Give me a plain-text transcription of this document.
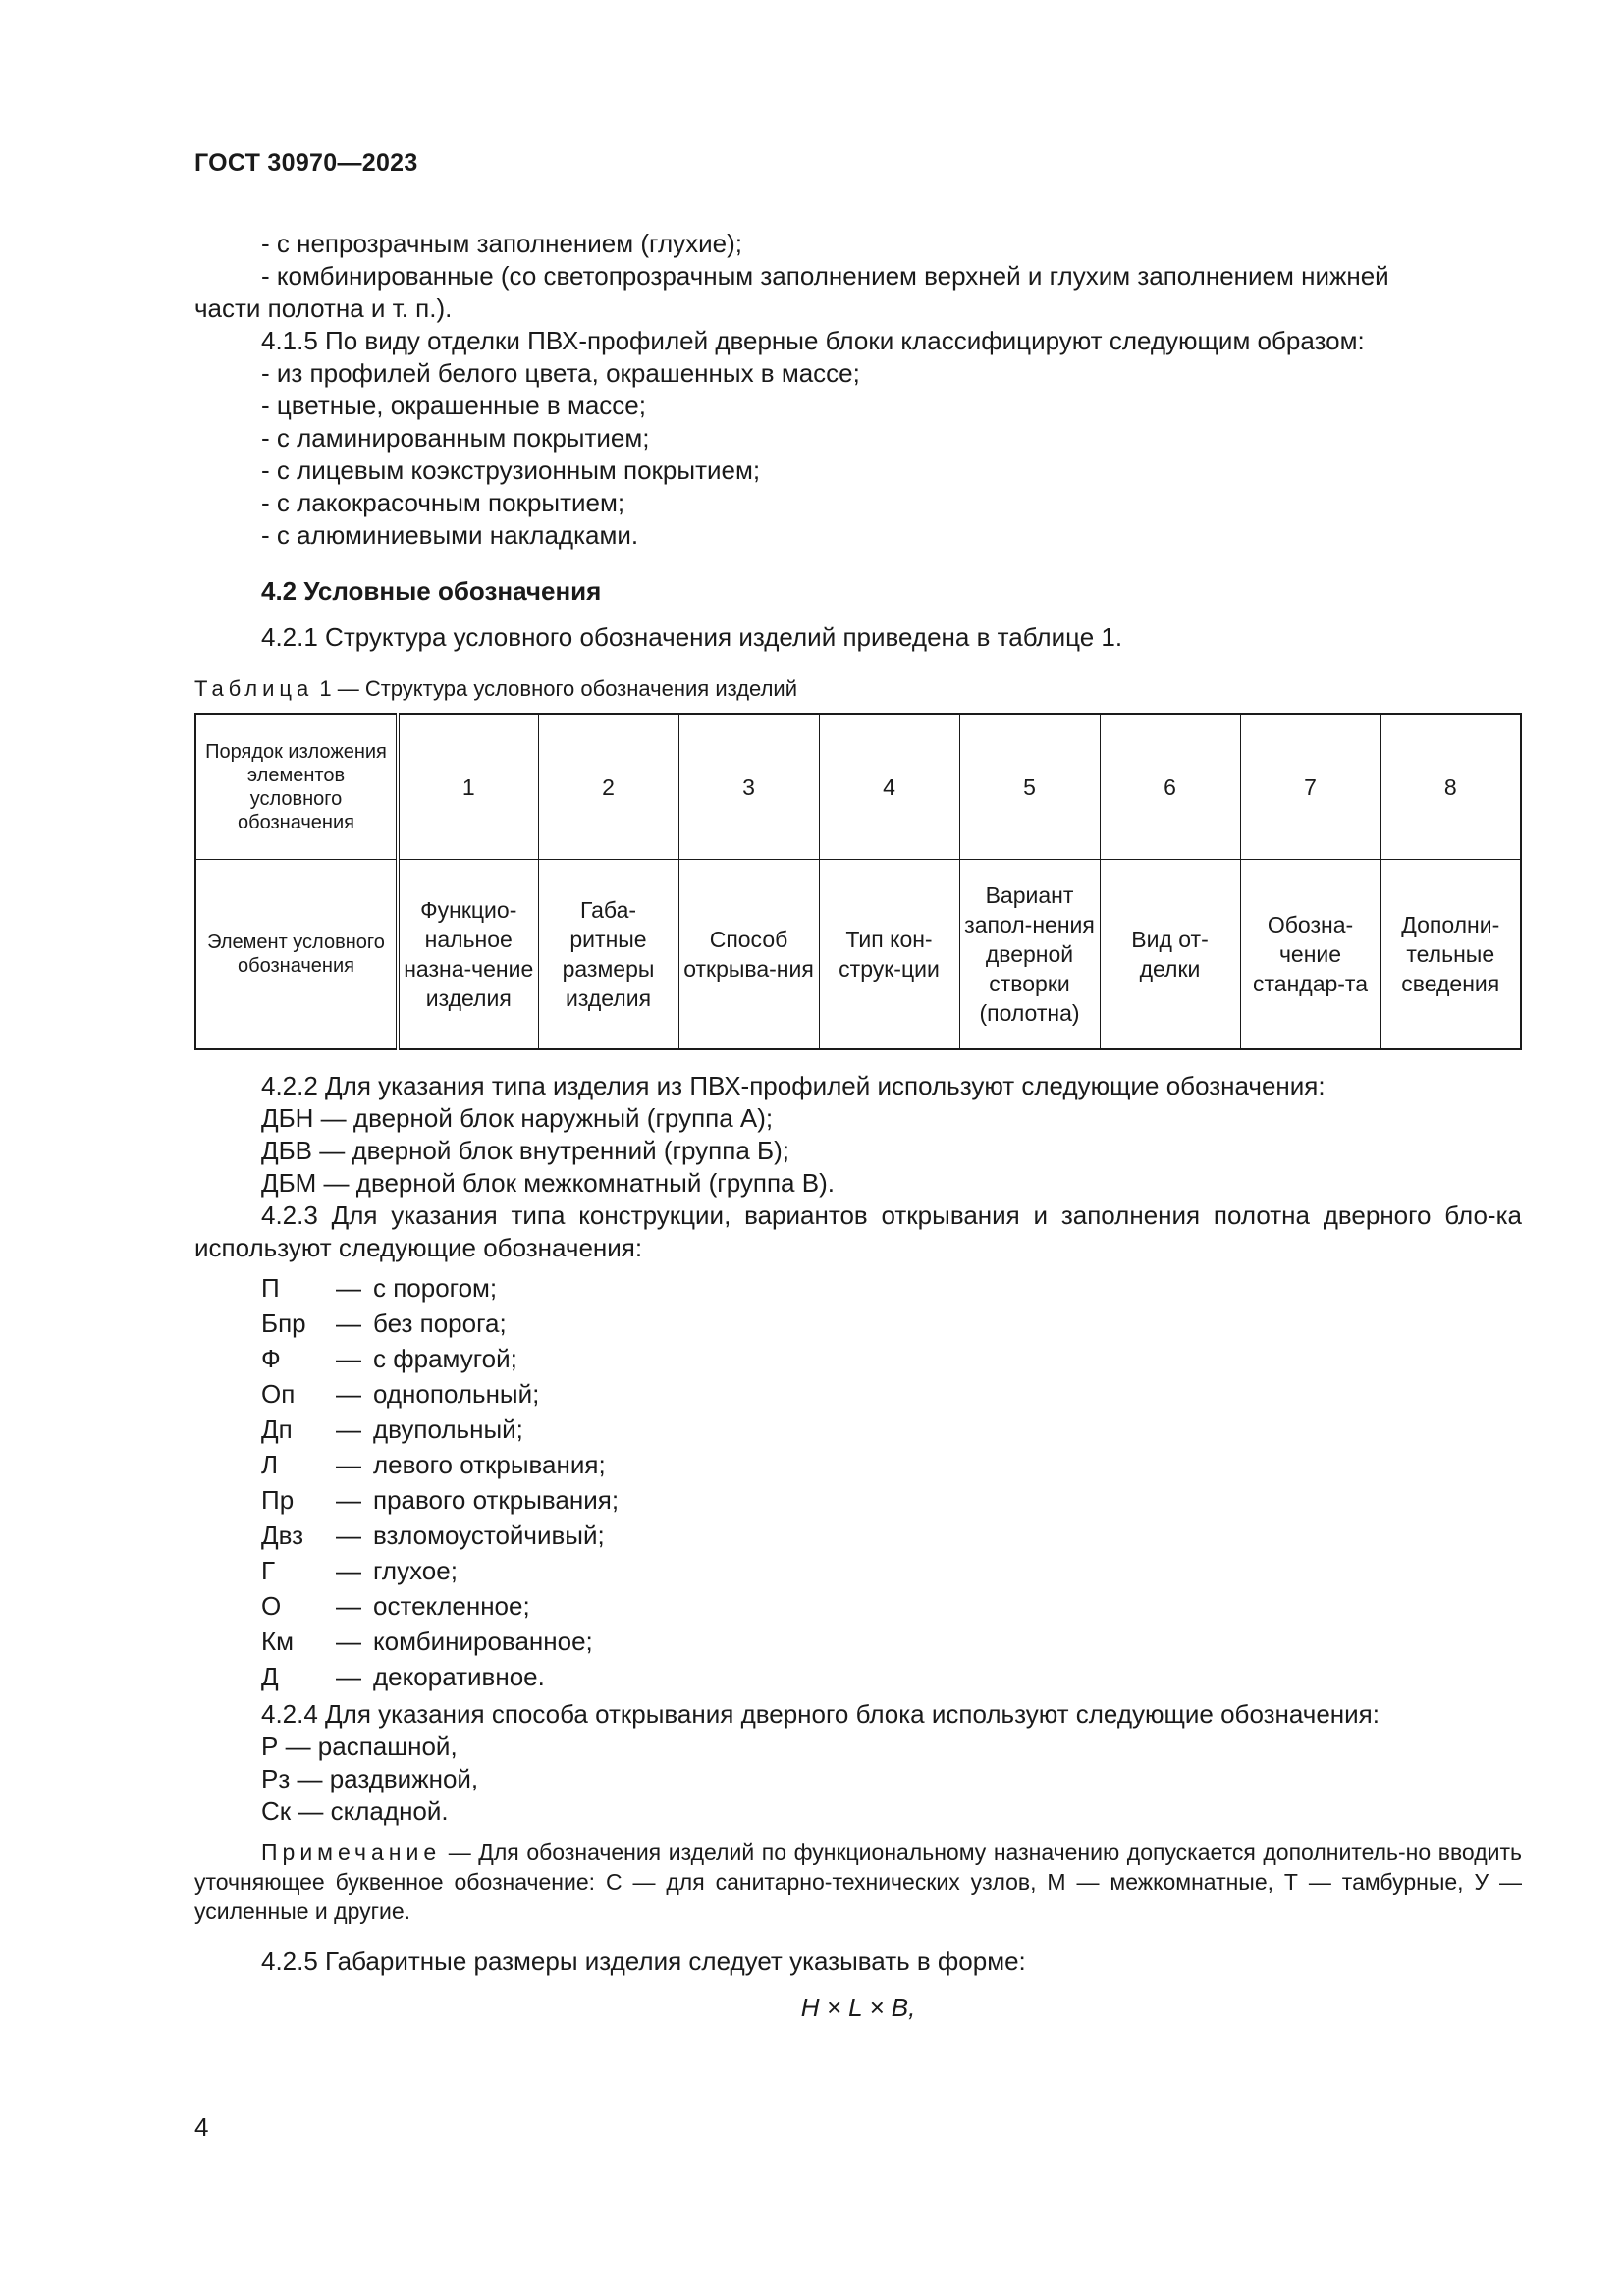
ГОСТ 30970—2023

- с непрозрачным заполнением (глухие);

- комбинированные (со светопрозрачным заполнением верхней и глухим заполнением нижней

части полотна и т. п.).

4.1.5 По виду отделки ПВХ-профилей дверные блоки классифицируют следующим образом:

- из профилей белого цвета, окрашенных в массе;

- цветные, окрашенные в массе;

- с ламинированным покрытием;

- с лицевым коэкструзионным покрытием;

- с лакокрасочным покрытием;

- с алюминиевыми накладками.

4.2 Условные обозначения

4.2.1 Структура условного обозначения изделий приведена в таблице 1.

Таблица 1 — Структура условного обозначения изделий
Порядок изложения элементов условного обозначения	1	2	3	4	5	6	7	8
Элемент условного обозначения	Функцио-нальное назна-чение изделия	Габа-ритные размеры изделия	Способ открыва-ния	Тип кон-струк-ции	Вариант запол-нения дверной створки (полотна)	Вид от-делки	Обозна-чение стандар-та	Дополни-тельные сведения

4.2.2 Для указания типа изделия из ПВХ-профилей используют следующие обозначения:

ДБН — дверной блок наружный (группа А);

ДБВ — дверной блок внутренний (группа Б);

ДБМ — дверной блок межкомнатный (группа В).

4.2.3 Для указания типа конструкции, вариантов открывания и заполнения полотна дверного бло-ка используют следующие обозначения:

П	— с порогом;
Бпр	— без порога;
Ф	— с фрамугой;
Оп	— однопольный;
Дп	— двупольный;
Л	— левого открывания;
Пр	— правого открывания;
Двз	— взломоустойчивый;
Г	— глухое;
О	— остекленное;
Км	— комбинированное;
Д	— декоративное.

4.2.4 Для указания способа открывания дверного блока используют следующие обозначения:

Р — распашной,

Рз — раздвижной,

Ск — складной.

Примечание — Для обозначения изделий по функциональному назначению допускается дополнитель-но вводить уточняющее буквенное обозначение: С — для санитарно-технических узлов, М — межкомнатные, Т — тамбурные, У — усиленные и другие.

4.2.5 Габаритные размеры изделия следует указывать в форме:

H × L × B,
4
